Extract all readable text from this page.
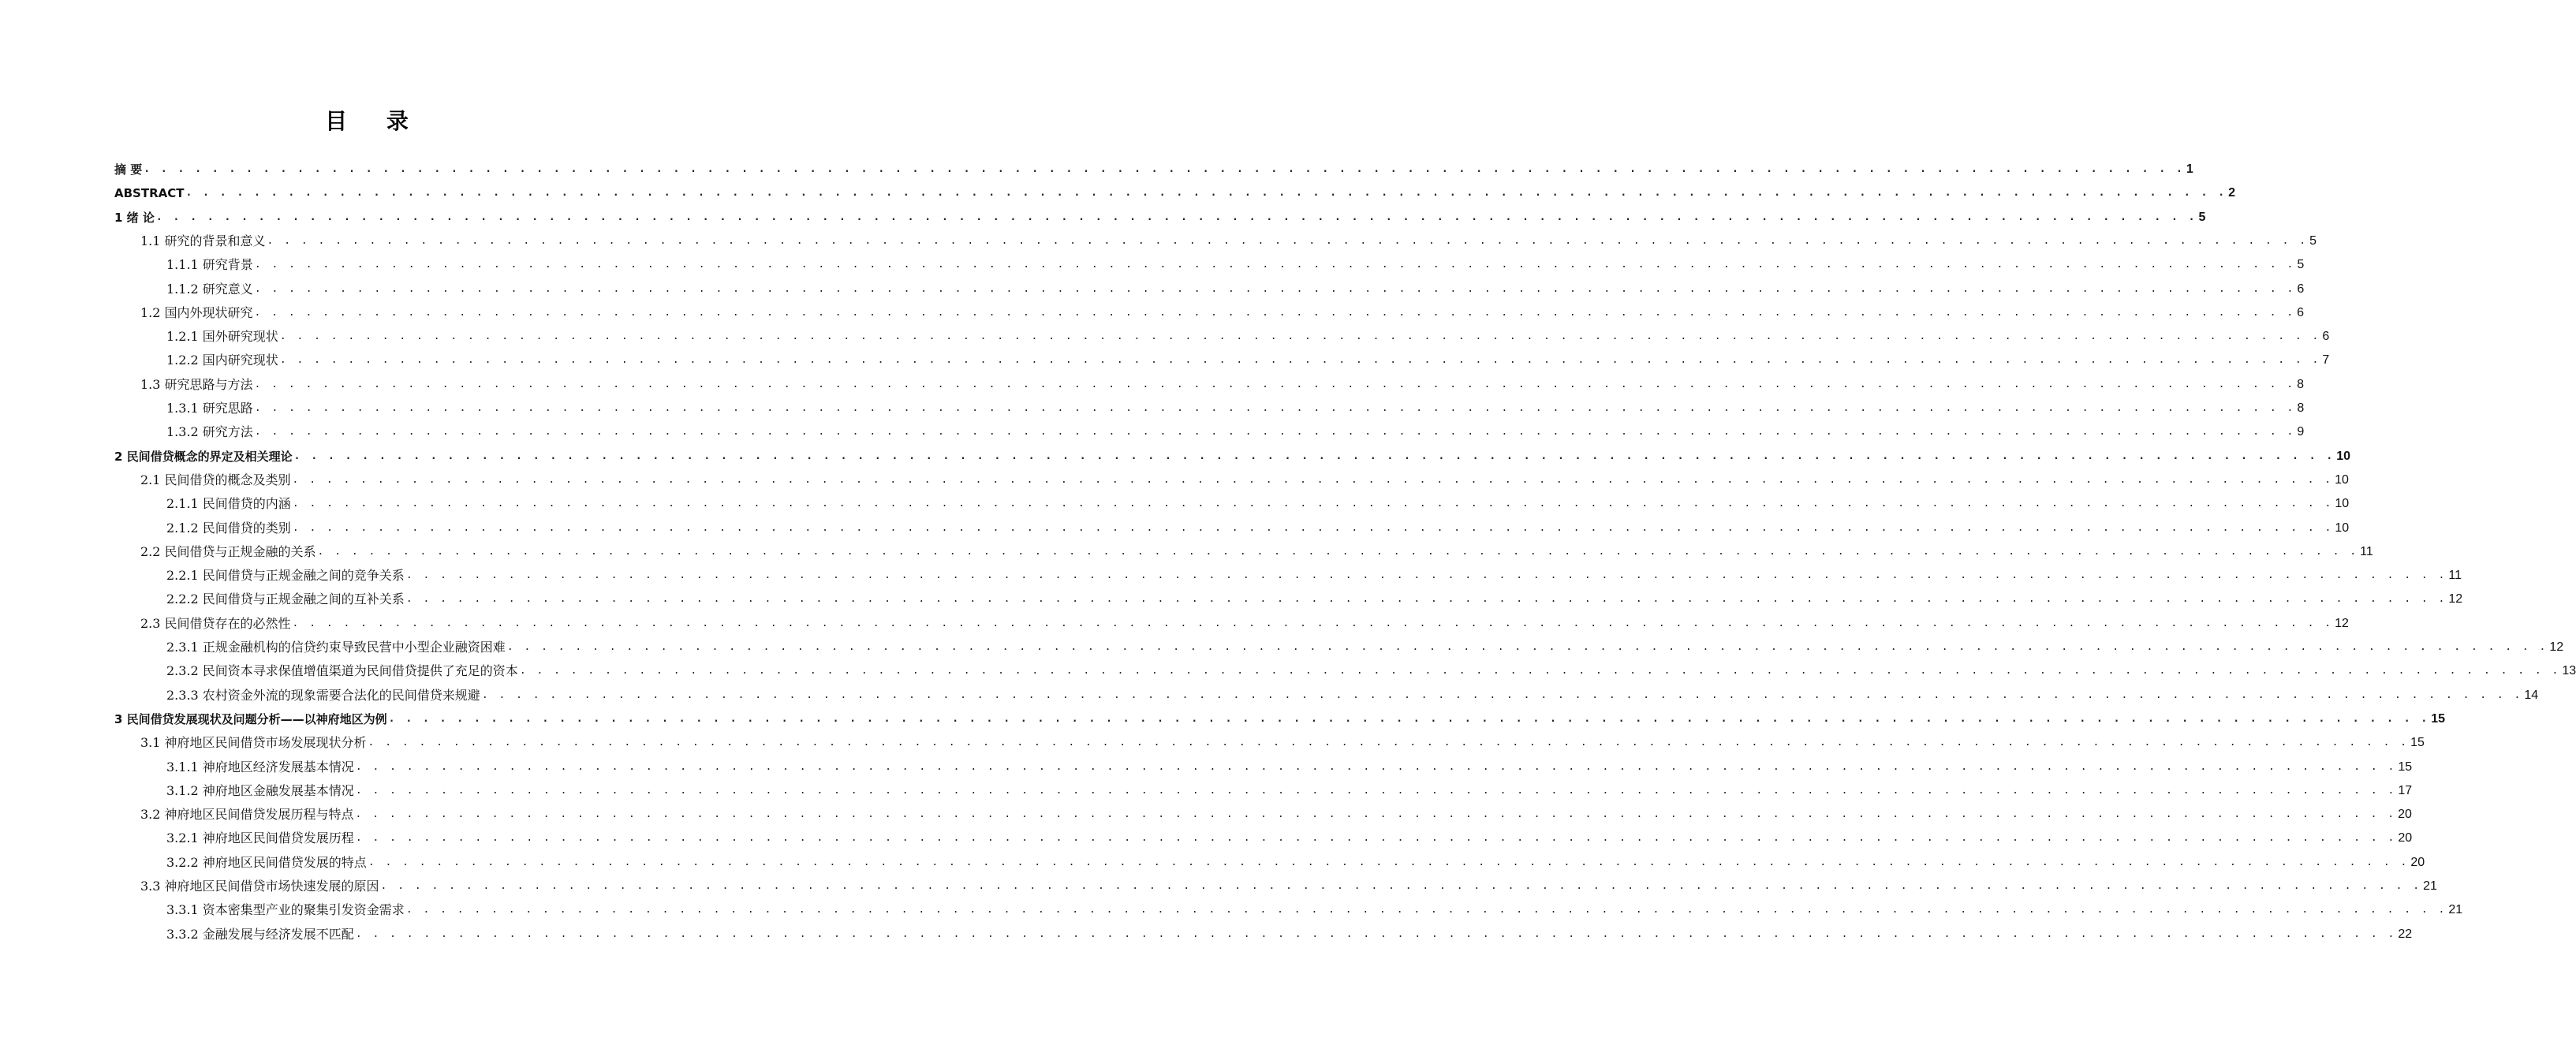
目 录
摘 要 . . . . . . . . . . . . . . . . . . . . . . . . . . . . . . . . . . . . . . . . . . . . . . . . . . . . . . . . . . . . . . . . . . . . . . . . . . . . . . . . . . . . . . . . . . . . . . . . . . . . . . . . . . . . . . . . . . . . . . . . 1
ABSTRACT . . . . . . . . . . . . . . . . . . . . . . . . . . . . . . . . . . . . . . . . . . . . . . . . . . . . . . . . . . . . . . . . . . . . . . . . . . . . . . . . . . . . . . . . . . . . . . . . . . . . . . . . . . . . . . . . . . . . . . . . 2
1 绪 论 . . . . . . . . . . . . . . . . . . . . . . . . . . . . . . . . . . . . . . . . . . . . . . . . . . . . . . . . . . . . . . . . . . . . . . . . . . . . . . . . . . . . . . . . . . . . . . . . . . . . . . . . . . . . . . . . . . . . . . . . 5
1.1 研究的背景和意义 . . . . . . . . . . . . . . . . . . . . . . . . . . . . . . . . . . . . . . . . . . . . . . . . . . . . . . . . . . . . . . . . . . . . . . . . . . . . . . . . . . . . . . . . . . . . . . . . . . . . . . . . . . . . . . . . . . . . . . . . 5
1.1.1 研究背景 . . . . . . . . . . . . . . . . . . . . . . . . . . . . . . . . . . . . . . . . . . . . . . . . . . . . . . . . . . . . . . . . . . . . . . . . . . . . . . . . . . . . . . . . . . . . . . . . . . . . . . . . . . . . . . . . . . . . . . . . 5
1.1.2 研究意义 . . . . . . . . . . . . . . . . . . . . . . . . . . . . . . . . . . . . . . . . . . . . . . . . . . . . . . . . . . . . . . . . . . . . . . . . . . . . . . . . . . . . . . . . . . . . . . . . . . . . . . . . . . . . . . . . . . . . . . . . 6
1.2 国内外现状研究 . . . . . . . . . . . . . . . . . . . . . . . . . . . . . . . . . . . . . . . . . . . . . . . . . . . . . . . . . . . . . . . . . . . . . . . . . . . . . . . . . . . . . . . . . . . . . . . . . . . . . . . . . . . . . . . . . . . . . . . . 6
1.2.1 国外研究现状 . . . . . . . . . . . . . . . . . . . . . . . . . . . . . . . . . . . . . . . . . . . . . . . . . . . . . . . . . . . . . . . . . . . . . . . . . . . . . . . . . . . . . . . . . . . . . . . . . . . . . . . . . . . . . . . . . . . . . . . . 6
1.2.2 国内研究现状 . . . . . . . . . . . . . . . . . . . . . . . . . . . . . . . . . . . . . . . . . . . . . . . . . . . . . . . . . . . . . . . . . . . . . . . . . . . . . . . . . . . . . . . . . . . . . . . . . . . . . . . . . . . . . . . . . . . . . . . . 7
1.3 研究思路与方法 . . . . . . . . . . . . . . . . . . . . . . . . . . . . . . . . . . . . . . . . . . . . . . . . . . . . . . . . . . . . . . . . . . . . . . . . . . . . . . . . . . . . . . . . . . . . . . . . . . . . . . . . . . . . . . . . . . . . . . . . 8
1.3.1 研究思路 . . . . . . . . . . . . . . . . . . . . . . . . . . . . . . . . . . . . . . . . . . . . . . . . . . . . . . . . . . . . . . . . . . . . . . . . . . . . . . . . . . . . . . . . . . . . . . . . . . . . . . . . . . . . . . . . . . . . . . . . 8
1.3.2 研究方法 . . . . . . . . . . . . . . . . . . . . . . . . . . . . . . . . . . . . . . . . . . . . . . . . . . . . . . . . . . . . . . . . . . . . . . . . . . . . . . . . . . . . . . . . . . . . . . . . . . . . . . . . . . . . . . . . . . . . . . . . 9
2 民间借贷概念的界定及相关理论 . . . . . . . . . . . . . . . . . . . . . . . . . . . . . . . . . . . . . . . . . . . . . . . . . . . . . . . . . . . . . . . . . . . . . . . . . . . . . . . . . . . . . . . . . . . . . . . . . . . . . . . . . . . . . . . . . . . . . . . . 10
2.1 民间借贷的概念及类别 . . . . . . . . . . . . . . . . . . . . . . . . . . . . . . . . . . . . . . . . . . . . . . . . . . . . . . . . . . . . . . . . . . . . . . . . . . . . . . . . . . . . . . . . . . . . . . . . . . . . . . . . . . . . . . . . . . . . . . . . 10
2.1.1 民间借贷的内涵 . . . . . . . . . . . . . . . . . . . . . . . . . . . . . . . . . . . . . . . . . . . . . . . . . . . . . . . . . . . . . . . . . . . . . . . . . . . . . . . . . . . . . . . . . . . . . . . . . . . . . . . . . . . . . . . . . . . . . . . . 10
2.1.2 民间借贷的类别 . . . . . . . . . . . . . . . . . . . . . . . . . . . . . . . . . . . . . . . . . . . . . . . . . . . . . . . . . . . . . . . . . . . . . . . . . . . . . . . . . . . . . . . . . . . . . . . . . . . . . . . . . . . . . . . . . . . . . . . . 10
2.2 民间借贷与正规金融的关系 . . . . . . . . . . . . . . . . . . . . . . . . . . . . . . . . . . . . . . . . . . . . . . . . . . . . . . . . . . . . . . . . . . . . . . . . . . . . . . . . . . . . . . . . . . . . . . . . . . . . . . . . . . . . . . . . . . . . . . . . 11
2.2.1 民间借贷与正规金融之间的竞争关系 . . . . . . . . . . . . . . . . . . . . . . . . . . . . . . . . . . . . . . . . . . . . . . . . . . . . . . . . . . . . . . . . . . . . . . . . . . . . . . . . . . . . . . . . . . . . . . . . . . . . . . . . . . . . . . . . . . . . . . . . 11
2.2.2 民间借贷与正规金融之间的互补关系 . . . . . . . . . . . . . . . . . . . . . . . . . . . . . . . . . . . . . . . . . . . . . . . . . . . . . . . . . . . . . . . . . . . . . . . . . . . . . . . . . . . . . . . . . . . . . . . . . . . . . . . . . . . . . . . . . . . . . . . . 12
2.3 民间借贷存在的必然性 . . . . . . . . . . . . . . . . . . . . . . . . . . . . . . . . . . . . . . . . . . . . . . . . . . . . . . . . . . . . . . . . . . . . . . . . . . . . . . . . . . . . . . . . . . . . . . . . . . . . . . . . . . . . . . . . . . . . . . . . 12
2.3.1 正规金融机构的信贷约束导致民营中小型企业融资困难 . . . . . . . . . . . . . . . . . . . . . . . . . . . . . . . . . . . . . . . . . . . . . . . . . . . . . . . . . . . . . . . . . . . . . . . . . . . . . . . . . . . . . . . . . . . . . . . . . . . . . . . . . . . . . . . . . . . . . . . . 12
2.3.2 民间资本寻求保值增值渠道为民间借贷提供了充足的资本 . . . . . . . . . . . . . . . . . . . . . . . . . . . . . . . . . . . . . . . . . . . . . . . . . . . . . . . . . . . . . . . . . . . . . . . . . . . . . . . . . . . . . . . . . . . . . . . . . . . . . . . . . . . . . . . . . . . . . . . . 13
2.3.3 农村资金外流的现象需要合法化的民间借贷来规避 . . . . . . . . . . . . . . . . . . . . . . . . . . . . . . . . . . . . . . . . . . . . . . . . . . . . . . . . . . . . . . . . . . . . . . . . . . . . . . . . . . . . . . . . . . . . . . . . . . . . . . . . . . . . . . . . . . . . . . . . 14
3 民间借贷发展现状及问题分析——以神府地区为例 . . . . . . . . . . . . . . . . . . . . . . . . . . . . . . . . . . . . . . . . . . . . . . . . . . . . . . . . . . . . . . . . . . . . . . . . . . . . . . . . . . . . . . . . . . . . . . . . . . . . . . . . . . . . . . . . . . . . . . . . 15
3.1 神府地区民间借贷市场发展现状分析 . . . . . . . . . . . . . . . . . . . . . . . . . . . . . . . . . . . . . . . . . . . . . . . . . . . . . . . . . . . . . . . . . . . . . . . . . . . . . . . . . . . . . . . . . . . . . . . . . . . . . . . . . . . . . . . . . . . . . . . . 15
3.1.1 神府地区经济发展基本情况 . . . . . . . . . . . . . . . . . . . . . . . . . . . . . . . . . . . . . . . . . . . . . . . . . . . . . . . . . . . . . . . . . . . . . . . . . . . . . . . . . . . . . . . . . . . . . . . . . . . . . . . . . . . . . . . . . . . . . . . . 15
3.1.2 神府地区金融发展基本情况 . . . . . . . . . . . . . . . . . . . . . . . . . . . . . . . . . . . . . . . . . . . . . . . . . . . . . . . . . . . . . . . . . . . . . . . . . . . . . . . . . . . . . . . . . . . . . . . . . . . . . . . . . . . . . . . . . . . . . . . . 17
3.2 神府地区民间借贷发展历程与特点 . . . . . . . . . . . . . . . . . . . . . . . . . . . . . . . . . . . . . . . . . . . . . . . . . . . . . . . . . . . . . . . . . . . . . . . . . . . . . . . . . . . . . . . . . . . . . . . . . . . . . . . . . . . . . . . . . . . . . . . . 20
3.2.1 神府地区民间借贷发展历程 . . . . . . . . . . . . . . . . . . . . . . . . . . . . . . . . . . . . . . . . . . . . . . . . . . . . . . . . . . . . . . . . . . . . . . . . . . . . . . . . . . . . . . . . . . . . . . . . . . . . . . . . . . . . . . . . . . . . . . . . 20
3.2.2 神府地区民间借贷发展的特点 . . . . . . . . . . . . . . . . . . . . . . . . . . . . . . . . . . . . . . . . . . . . . . . . . . . . . . . . . . . . . . . . . . . . . . . . . . . . . . . . . . . . . . . . . . . . . . . . . . . . . . . . . . . . . . . . . . . . . . . . 20
3.3 神府地区民间借贷市场快速发展的原因 . . . . . . . . . . . . . . . . . . . . . . . . . . . . . . . . . . . . . . . . . . . . . . . . . . . . . . . . . . . . . . . . . . . . . . . . . . . . . . . . . . . . . . . . . . . . . . . . . . . . . . . . . . . . . . . . . . . . . . . . 21
3.3.1 资本密集型产业的聚集引发资金需求 . . . . . . . . . . . . . . . . . . . . . . . . . . . . . . . . . . . . . . . . . . . . . . . . . . . . . . . . . . . . . . . . . . . . . . . . . . . . . . . . . . . . . . . . . . . . . . . . . . . . . . . . . . . . . . . . . . . . . . . . 21
3.3.2 金融发展与经济发展不匹配 . . . . . . . . . . . . . . . . . . . . . . . . . . . . . . . . . . . . . . . . . . . . . . . . . . . . . . . . . . . . . . . . . . . . . . . . . . . . . . . . . . . . . . . . . . . . . . . . . . . . . . . . . . . . . . . . . . . . . . . . 22
